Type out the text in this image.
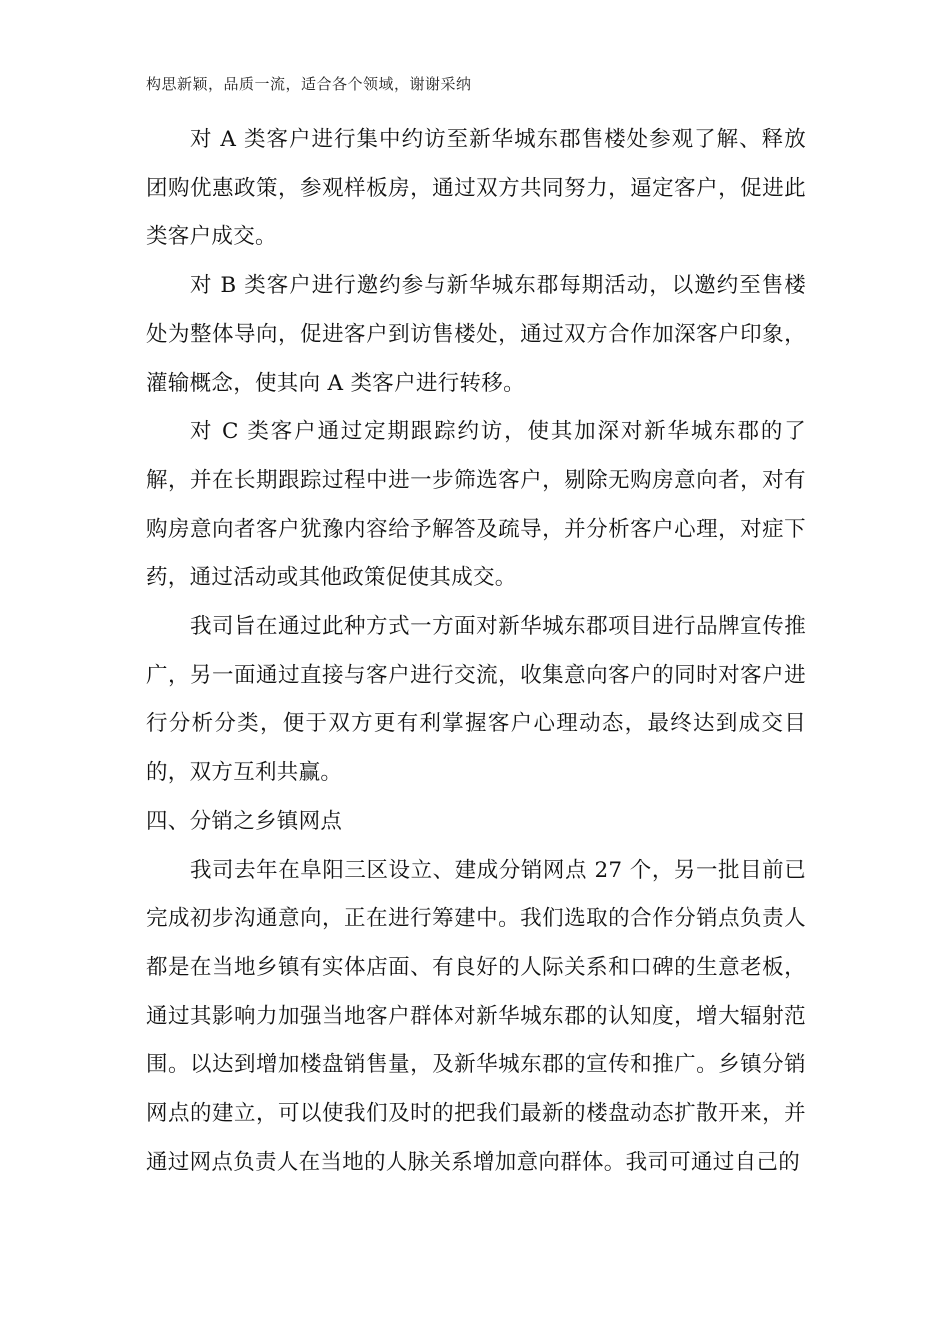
构思新颖，品质一流，适合各个领域，谢谢采纳

对 A 类客户进行集中约访至新华城东郡售楼处参观了解、释放团购优惠政策，参观样板房，通过双方共同努力，逼定客户，促进此类客户成交。

对 B 类客户进行邀约参与新华城东郡每期活动，以邀约至售楼处为整体导向，促进客户到访售楼处，通过双方合作加深客户印象，灌输概念，使其向 A 类客户进行转移。

对 C 类客户通过定期跟踪约访，使其加深对新华城东郡的了解，并在长期跟踪过程中进一步筛选客户，剔除无购房意向者，对有购房意向者客户犹豫内容给予解答及疏导，并分析客户心理，对症下药，通过活动或其他政策促使其成交。

我司旨在通过此种方式一方面对新华城东郡项目进行品牌宣传推广，另一面通过直接与客户进行交流，收集意向客户的同时对客户进行分析分类，便于双方更有利掌握客户心理动态，最终达到成交目的，双方互利共赢。

四、分销之乡镇网点

我司去年在阜阳三区设立、建成分销网点 27 个，另一批目前已完成初步沟通意向，正在进行筹建中。我们选取的合作分销点负责人都是在当地乡镇有实体店面、有良好的人际关系和口碑的生意老板，通过其影响力加强当地客户群体对新华城东郡的认知度，增大辐射范围。以达到增加楼盘销售量，及新华城东郡的宣传和推广。乡镇分销网点的建立，可以使我们及时的把我们最新的楼盘动态扩散开来，并通过网点负责人在当地的人脉关系增加意向群体。我司可通过自己的
